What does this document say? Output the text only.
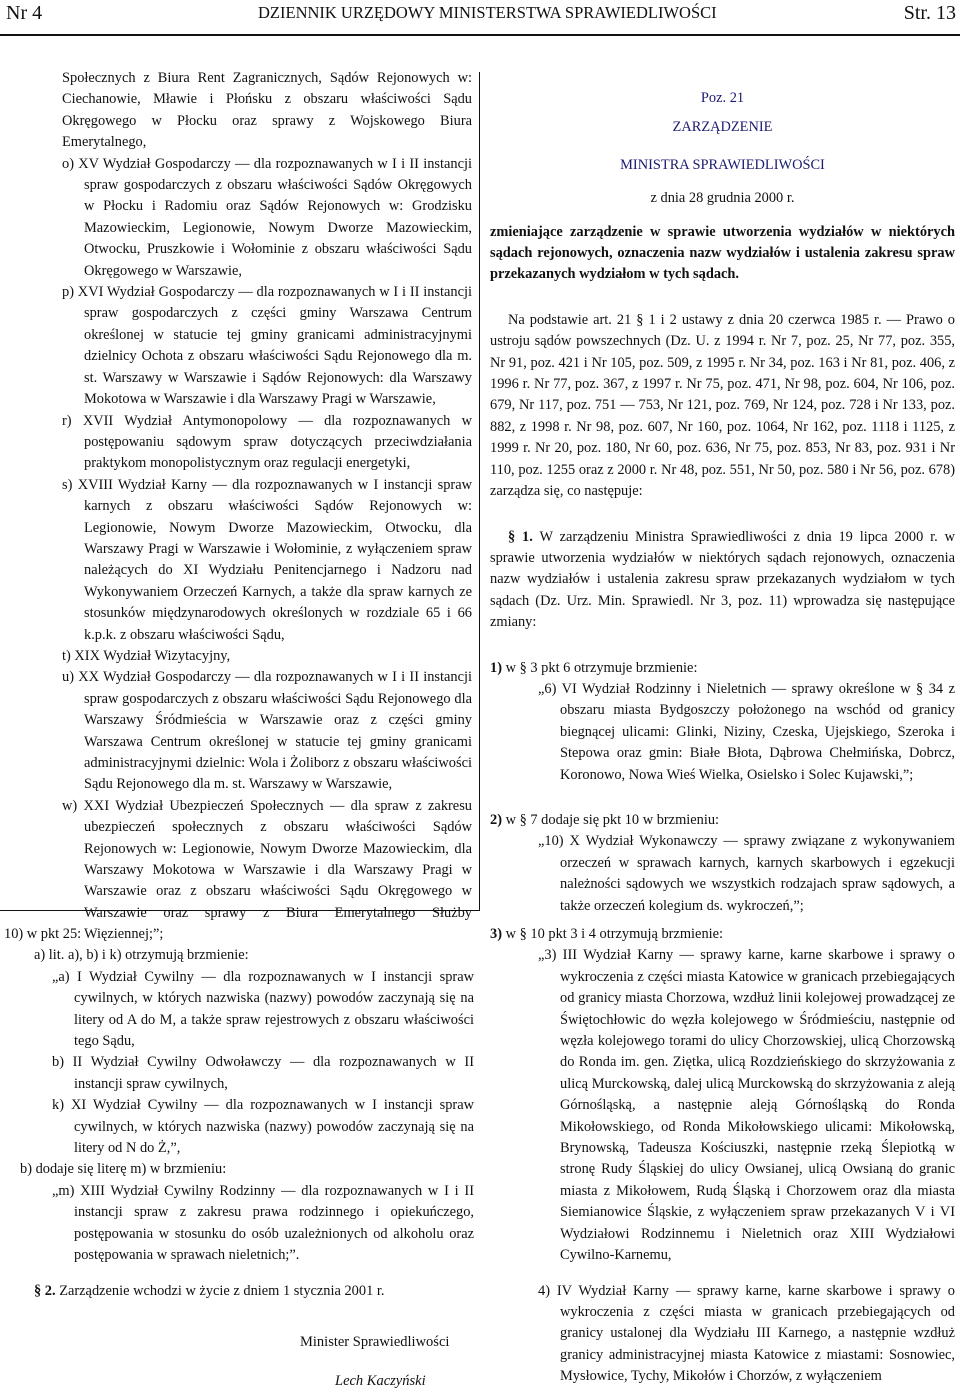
Nr 4	DZIENNIK URZĘDOWY MINISTERSTWA SPRAWIEDLIWOŚCI	Str. 13

Społecznych z Biura Rent Zagranicznych, Sądów Rejonowych w: Ciechanowie, Mławie i Płońsku z obszaru właściwości Sądu Okręgowego w Płocku oraz sprawy z Wojskowego Biura Emerytalnego,

o) XV Wydział Gospodarczy — dla rozpoznawanych w I i II instancji spraw gospodarczych z obszaru właściwości Sądów Okręgowych w Płocku i Radomiu oraz Sądów Rejonowych w: Grodzisku Mazowieckim, Legionowie, Nowym Dworze Mazowieckim, Otwocku, Pruszkowie i Wołominie z obszaru właściwości Sądu Okręgowego w Warszawie,

p) XVI Wydział Gospodarczy — dla rozpoznawanych w I i II instancji spraw gospodarczych z części gminy Warszawa Centrum określonej w statucie tej gminy granicami administracyjnymi dzielnicy Ochota z obszaru właściwości Sądu Rejonowego dla m. st. Warszawy w Warszawie i Sądów Rejonowych: dla Warszawy Mokotowa w Warszawie i dla Warszawy Pragi w Warszawie,

r) XVII Wydział Antymonopolowy — dla rozpoznawanych w postępowaniu sądowym spraw dotyczących przeciwdziałania praktykom monopolistycznym oraz regulacji energetyki,

s) XVIII Wydział Karny — dla rozpoznawanych w I instancji spraw karnych z obszaru właściwości Sądów Rejonowych w: Legionowie, Nowym Dworze Mazowieckim, Otwocku, dla Warszawy Pragi w Warszawie i Wołominie, z wyłączeniem spraw należących do XI Wydziału Penitencjarnego i Nadzoru nad Wykonywaniem Orzeczeń Karnych, a także dla spraw karnych ze stosunków międzynarodowych określonych w rozdziale 65 i 66 k.p.k. z obszaru właściwości Sądu,

t) XIX Wydział Wizytacyjny,

u) XX Wydział Gospodarczy — dla rozpoznawanych w I i II instancji spraw gospodarczych z obszaru właściwości Sądu Rejonowego dla Warszawy Śródmieścia w Warszawie oraz z części gminy Warszawa Centrum określonej w statucie tej gminy granicami administracyjnymi dzielnic: Wola i Żoliborz z obszaru właściwości Sądu Rejonowego dla m. st. Warszawy w Warszawie,

w) XXI Wydział Ubezpieczeń Społecznych — dla spraw z zakresu ubezpieczeń społecznych z obszaru właściwości Sądów Rejonowych w: Legionowie, Nowym Dworze Mazowieckim, dla Warszawy Mokotowa w Warszawie i dla Warszawy Pragi w Warszawie oraz z obszaru właściwości Sądu Okręgowego w Warszawie oraz sprawy z Biura Emerytalnego Służby Więziennej;”;

10) w pkt 25:

a) lit. a), b) i k) otrzymują brzmienie:

„a) I Wydział Cywilny — dla rozpoznawanych w I instancji spraw cywilnych, w których nazwiska (nazwy) powodów zaczynają się na litery od A do M, a także spraw rejestrowych z obszaru właściwości tego Sądu,

b) II Wydział Cywilny Odwoławczy — dla rozpoznawanych w II instancji spraw cywilnych,

k) XI Wydział Cywilny — dla rozpoznawanych w I instancji spraw cywilnych, w których nazwiska (nazwy) powodów zaczynają się na litery od N do Ż,”,

b) dodaje się literę m) w brzmieniu:

„m) XIII Wydział Cywilny Rodzinny — dla rozpoznawanych w I i II instancji spraw z zakresu prawa rodzinnego i opiekuńczego, postępowania w stosunku do osób uzależnionych od alkoholu oraz postępowania w sprawach nieletnich;”.

§ 2. Zarządzenie wchodzi w życie z dniem 1 stycznia 2001 r.

Minister Sprawiedliwości
Lech Kaczyński

Poz. 21

ZARZĄDZENIE

MINISTRA SPRAWIEDLIWOŚCI

z dnia 28 grudnia 2000 r.

zmieniające zarządzenie w sprawie utworzenia wydziałów w niektórych sądach rejonowych, oznaczenia nazw wydziałów i ustalenia zakresu spraw przekazanych wydziałom w tych sądach.

Na podstawie art. 21 § 1 i 2 ustawy z dnia 20 czerwca 1985 r. — Prawo o ustroju sądów powszechnych (Dz. U. z 1994 r. Nr 7, poz. 25, Nr 77, poz. 355, Nr 91, poz. 421 i Nr 105, poz. 509, z 1995 r. Nr 34, poz. 163 i Nr 81, poz. 406, z 1996 r. Nr 77, poz. 367, z 1997 r. Nr 75, poz. 471, Nr 98, poz. 604, Nr 106, poz. 679, Nr 117, poz. 751 — 753, Nr 121, poz. 769, Nr 124, poz. 728 i Nr 133, poz. 882, z 1998 r. Nr 98, poz. 607, Nr 160, poz. 1064, Nr 162, poz. 1118 i 1125, z 1999 r. Nr 20, poz. 180, Nr 60, poz. 636, Nr 75, poz. 853, Nr 83, poz. 931 i Nr 110, poz. 1255 oraz z 2000 r. Nr 48, poz. 551, Nr 50, poz. 580 i Nr 56, poz. 678) zarządza się, co następuje:

§ 1. W zarządzeniu Ministra Sprawiedliwości z dnia 19 lipca 2000 r. w sprawie utworzenia wydziałów w niektórych sądach rejonowych, oznaczenia nazw wydziałów i ustalenia zakresu spraw przekazanych wydziałom w tych sądach (Dz. Urz. Min. Sprawiedl. Nr 3, poz. 11) wprowadza się następujące zmiany:

1) w § 3 pkt 6 otrzymuje brzmienie:

„6) VI Wydział Rodzinny i Nieletnich — sprawy określone w § 34 z obszaru miasta Bydgoszczy położonego na wschód od granicy biegnącej ulicami: Glinki, Niziny, Czeska, Ujejskiego, Szeroka i Stepowa oraz gmin: Białe Błota, Dąbrowa Chełmińska, Dobrcz, Koronowo, Nowa Wieś Wielka, Osielsko i Solec Kujawski,”;

2) w § 7 dodaje się pkt 10 w brzmieniu:

„10) X Wydział Wykonawczy — sprawy związane z wykonywaniem orzeczeń w sprawach karnych, karnych skarbowych i egzekucji należności sądowych we wszystkich rodzajach spraw sądowych, a także orzeczeń kolegium ds. wykroczeń,”;

3) w § 10 pkt 3 i 4 otrzymują brzmienie:

„3) III Wydział Karny — sprawy karne, karne skarbowe i sprawy o wykroczenia z części miasta Katowice w granicach przebiegających od granicy miasta Chorzowa, wzdłuż linii kolejowej prowadzącej ze Świętochłowic do węzła kolejowego w Śródmieściu, następnie od węzła kolejowego torami do ulicy Chorzowskiej, ulicą Chorzowską do Ronda im. gen. Ziętka, ulicą Rozdzieńskiego do skrzyżowania z ulicą Murckowską, dalej ulicą Murckowską do skrzyżowania z aleją Górnośląską, a następnie aleją Górnośląską do Ronda Mikołowskiego, od Ronda Mikołowskiego ulicami: Mikołowską, Brynowską, Tadeusza Kościuszki, następnie rzeką Ślepiotką w stronę Rudy Śląskiej do ulicy Owsianej, ulicą Owsianą do granic miasta z Mikołowem, Rudą Śląską i Chorzowem oraz dla miasta Siemianowice Śląskie, z wyłączeniem spraw przekazanych V i VI Wydziałowi Rodzinnemu i Nieletnich oraz XIII Wydziałowi Cywilno-Karnemu,

4) IV Wydział Karny — sprawy karne, karne skarbowe i sprawy o wykroczenia z części miasta w granicach przebiegających od granicy ustalonej dla Wydziału III Karnego, a następnie wzdłuż granicy administracyjnej miasta Katowice z miastami: Sosnowiec, Mysłowice, Tychy, Mikołów i Chorzów, z wyłączeniem
